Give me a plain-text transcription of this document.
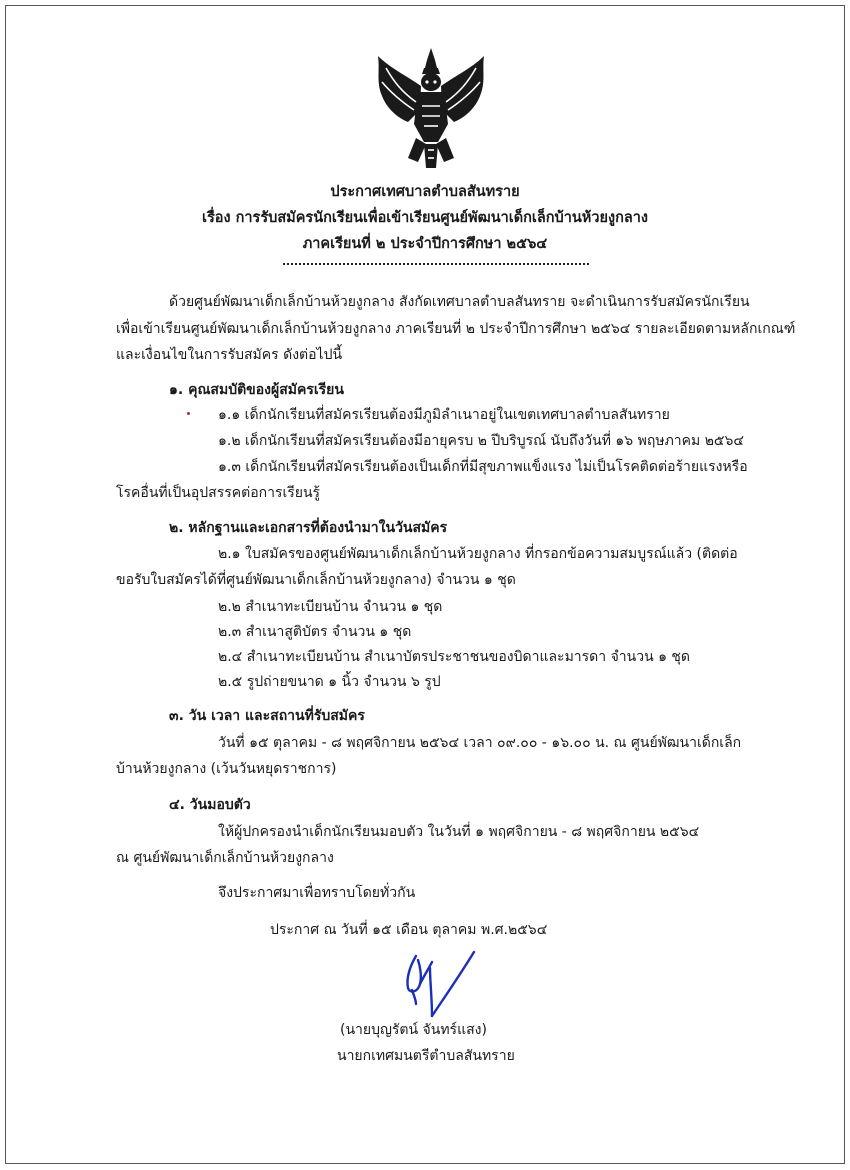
ประกาศเทศบาลตำบลสันทราย
เรื่อง การรับสมัครนักเรียนเพื่อเข้าเรียนศูนย์พัฒนาเด็กเล็กบ้านห้วยงูกลาง
ภาคเรียนที่ ๒ ประจำปีการศึกษา ๒๕๖๔
ด้วยศูนย์พัฒนาเด็กเล็กบ้านห้วยงูกลาง สังกัดเทศบาลตำบลสันทราย จะดำเนินการรับสมัครนักเรียน
เพื่อเข้าเรียนศูนย์พัฒนาเด็กเล็กบ้านห้วยงูกลาง ภาคเรียนที่ ๒ ประจำปีการศึกษา ๒๕๖๔ รายละเอียดตามหลักเกณฑ์
และเงื่อนไขในการรับสมัคร ดังต่อไปนี้
๑. คุณสมบัติของผู้สมัครเรียน
๑.๑ เด็กนักเรียนที่สมัครเรียนต้องมีภูมิลำเนาอยู่ในเขตเทศบาลตำบลสันทราย
๑.๒ เด็กนักเรียนที่สมัครเรียนต้องมีอายุครบ ๒ ปีบริบูรณ์ นับถึงวันที่ ๑๖ พฤษภาคม ๒๕๖๔
๑.๓ เด็กนักเรียนที่สมัครเรียนต้องเป็นเด็กที่มีสุขภาพแข็งแรง ไม่เป็นโรคติดต่อร้ายแรงหรือ
โรคอื่นที่เป็นอุปสรรคต่อการเรียนรู้
๒. หลักฐานและเอกสารที่ต้องนำมาในวันสมัคร
๒.๑ ใบสมัครของศูนย์พัฒนาเด็กเล็กบ้านห้วยงูกลาง ที่กรอกข้อความสมบูรณ์แล้ว (ติดต่อ
ขอรับใบสมัครได้ที่ศูนย์พัฒนาเด็กเล็กบ้านห้วยงูกลาง) จำนวน ๑ ชุด
๒.๒ สำเนาทะเบียนบ้าน จำนวน ๑ ชุด
๒.๓ สำเนาสูติบัตร จำนวน ๑ ชุด
๒.๔ สำเนาทะเบียนบ้าน สำเนาบัตรประชาชนของบิดาและมารดา จำนวน ๑ ชุด
๒.๕ รูปถ่ายขนาด ๑ นิ้ว จำนวน ๖ รูป
๓. วัน เวลา และสถานที่รับสมัคร
วันที่ ๑๕ ตุลาคม - ๘ พฤศจิกายน ๒๕๖๔ เวลา ๐๙.๐๐ - ๑๖.๐๐ น. ณ ศูนย์พัฒนาเด็กเล็ก
บ้านห้วยงูกลาง (เว้นวันหยุดราชการ)
๔. วันมอบตัว
ให้ผู้ปกครองนำเด็กนักเรียนมอบตัว ในวันที่ ๑ พฤศจิกายน - ๘ พฤศจิกายน ๒๕๖๔
ณ ศูนย์พัฒนาเด็กเล็กบ้านห้วยงูกลาง
จึงประกาศมาเพื่อทราบโดยทั่วกัน
ประกาศ ณ วันที่ ๑๕ เดือน ตุลาคม พ.ศ.๒๕๖๔
(นายบุญรัตน์ จันทร์แสง)
นายกเทศมนตรีตำบลสันทราย
